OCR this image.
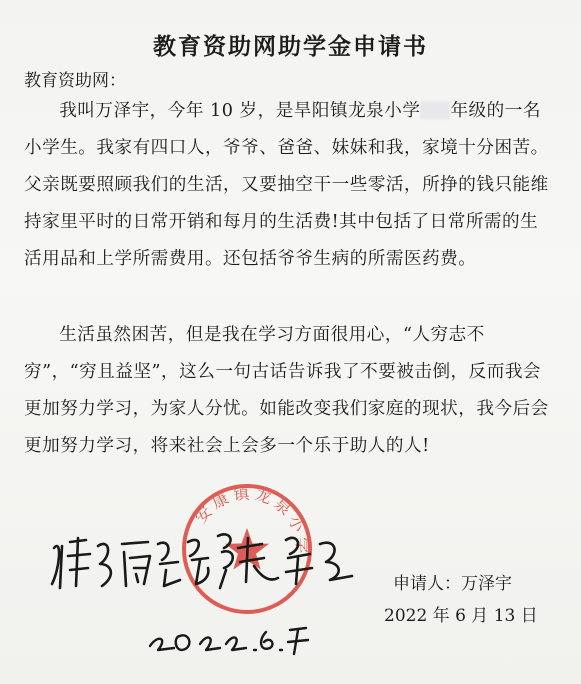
教育资助网助学金申请书
教育资助网：
我叫万泽宇，今年 10 岁，是旱阳镇龙泉小学 年级的一名小学生。我家有四口人，爷爷、爸爸、妹妹和我，家境十分困苦。父亲既要照顾我们的生活，又要抽空干一些零活，所挣的钱只能维持家里平时的日常开销和每月的生活费!其中包括了日常所需的生活用品和上学所需费用。还包括爷爷生病的所需医药费。
生活虽然困苦，但是我在学习方面很用心，“人穷志不穷”，“穷且益坚”，这么一句古话告诉我了不要被击倒，反而我会更加努力学习，为家人分忧。如能改变我们家庭的现状，我今后会更加努力学习，将来社会上会多一个乐于助人的人!
申请人：万泽宇
2022 年 6 月 13 日
安康镇龙泉小学
